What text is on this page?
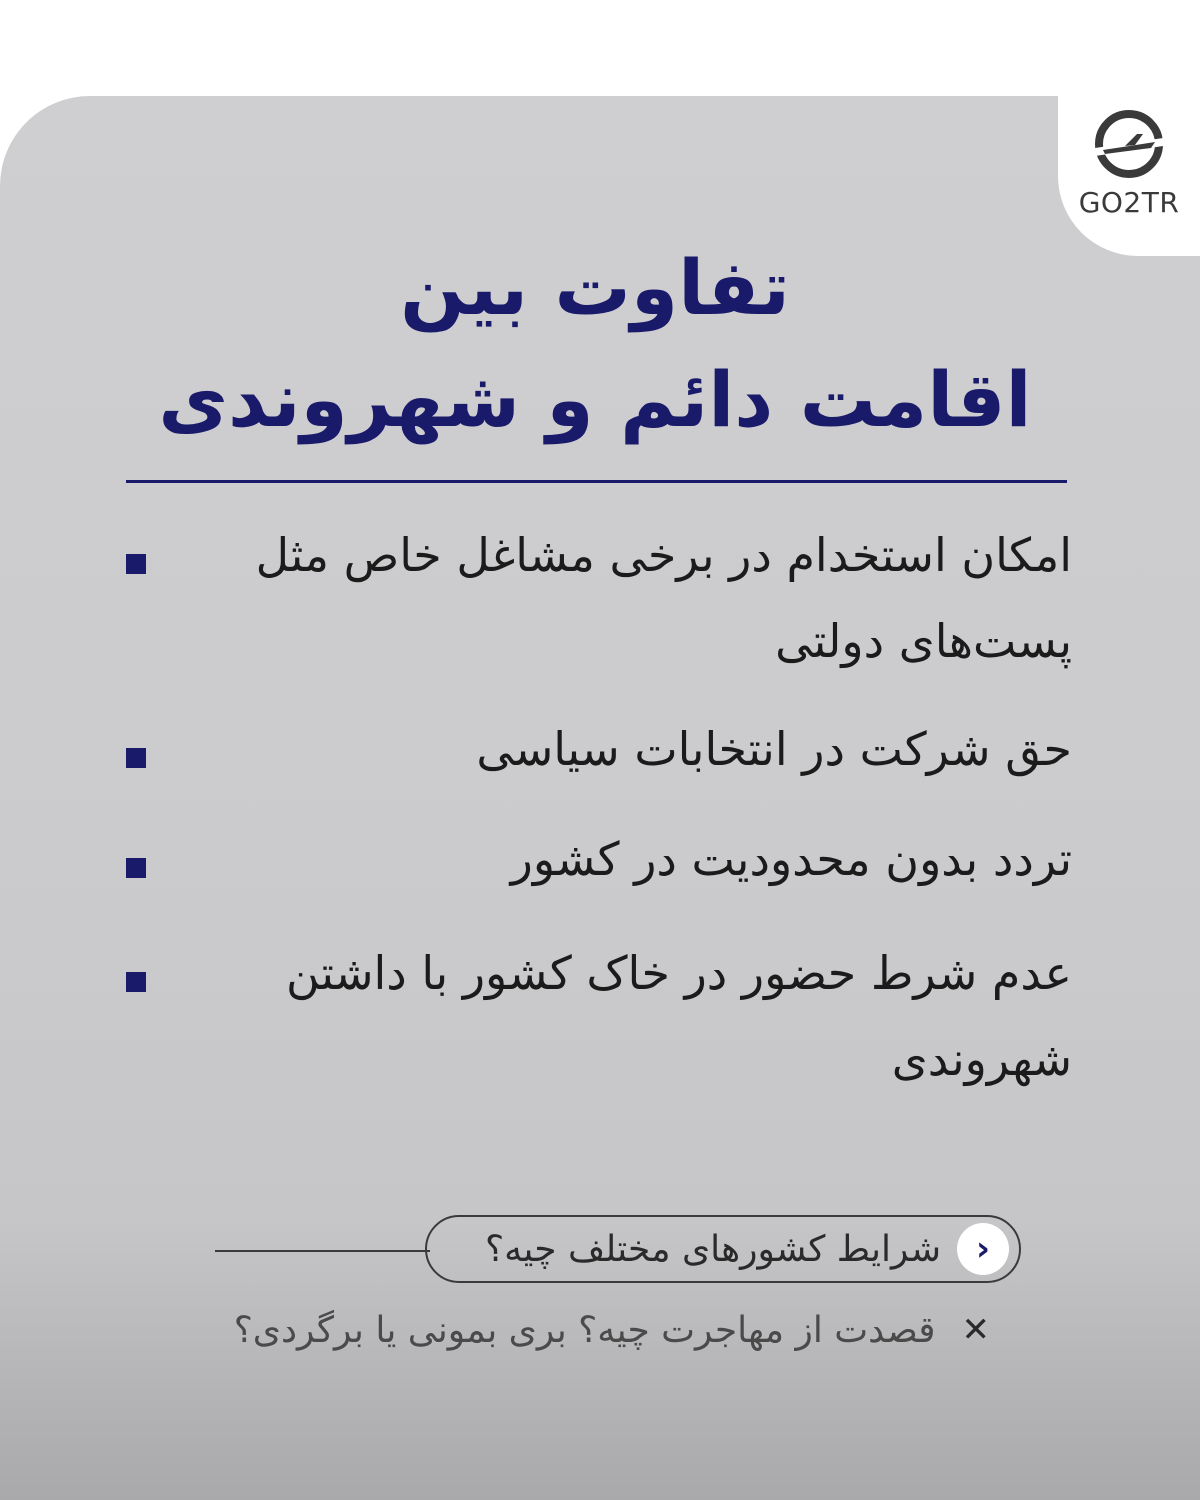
GO2TR
تفاوت بین
اقامت دائم و شهروندی
امکان استخدام در برخی مشاغل خاص مثل پست‌های دولتی
حق شرکت در انتخابات سیاسی
تردد بدون محدودیت در کشور
عدم شرط حضور در خاک کشور با داشتن شهروندی
›
شرایط کشورهای مختلف چیه؟
✕
قصدت از مهاجرت چیه؟ بری بمونی یا برگردی؟
